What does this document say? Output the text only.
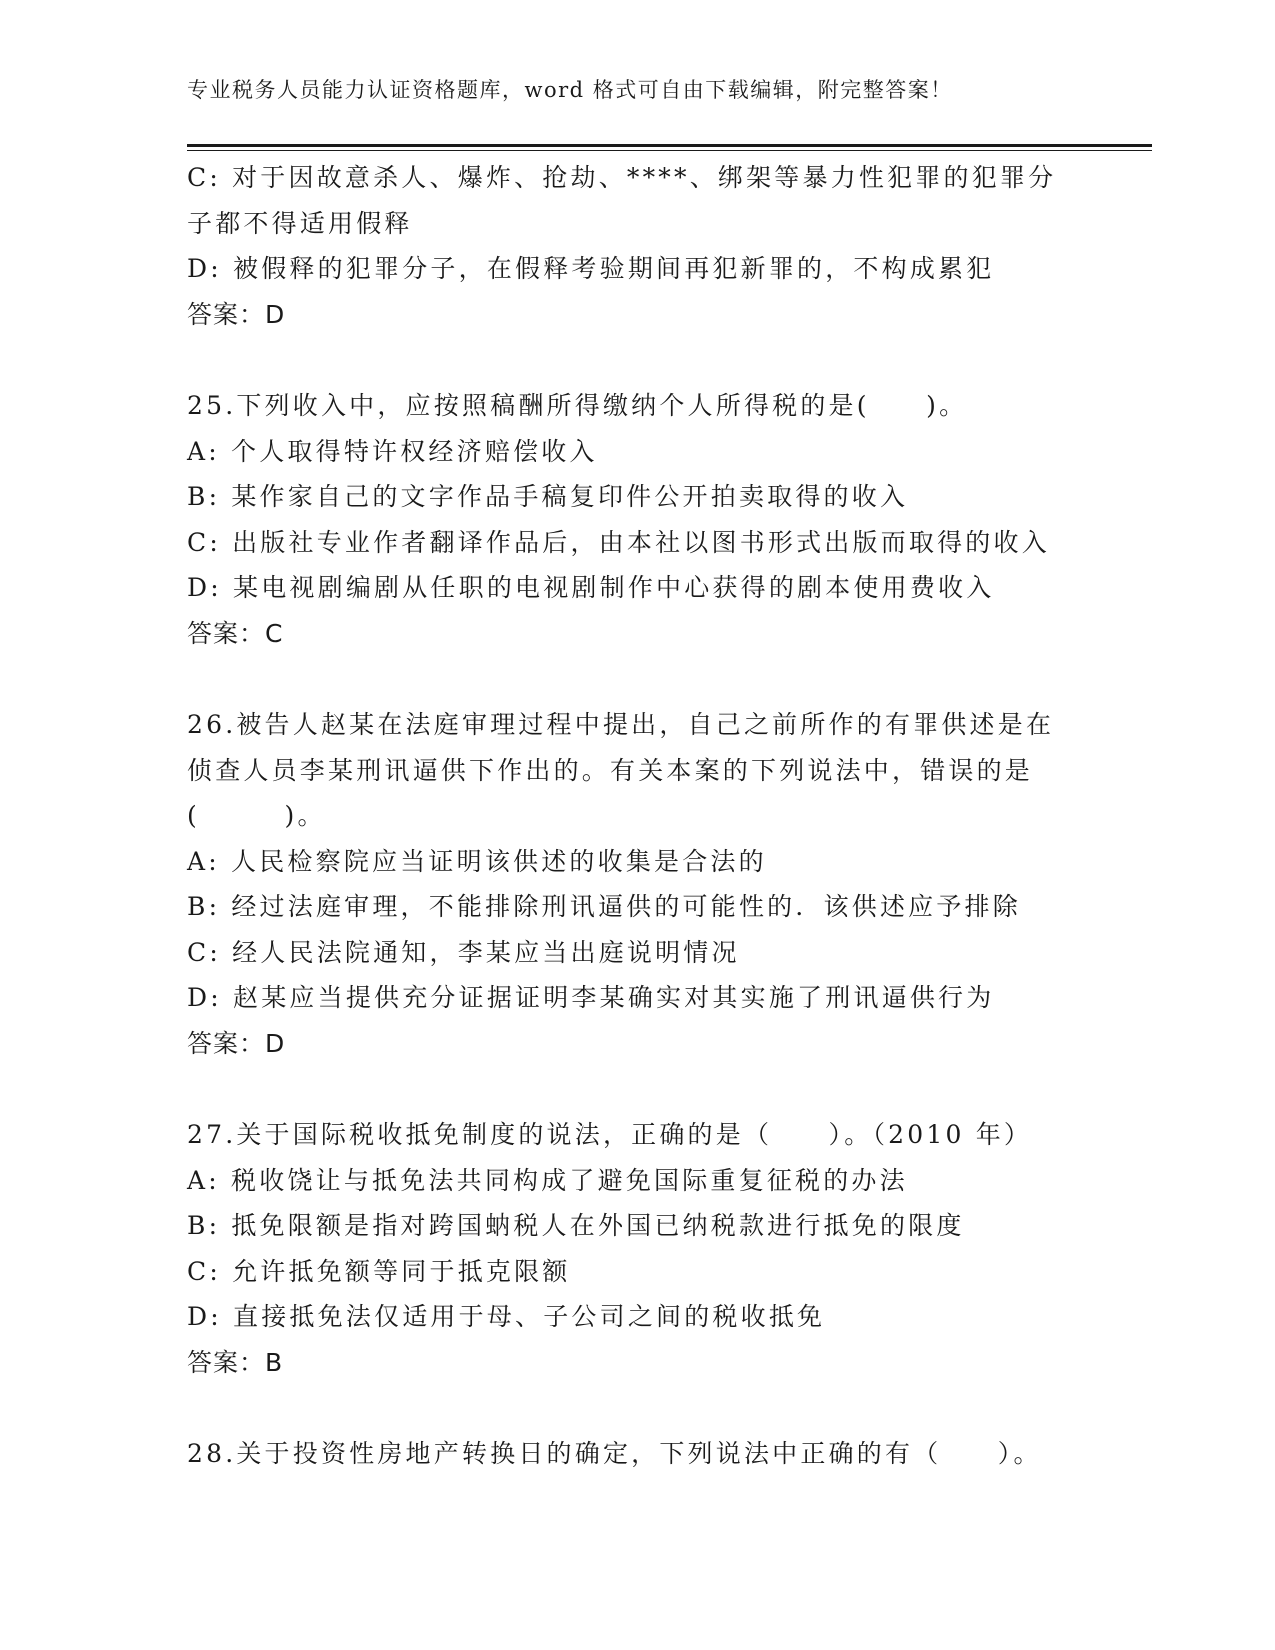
专业税务人员能力认证资格题库，word 格式可自由下载编辑，附完整答案！
C: 对于因故意杀人、爆炸、抢劫、****、绑架等暴力性犯罪的犯罪分
子都不得适用假释
D: 被假释的犯罪分子，在假释考验期间再犯新罪的，不构成累犯
答案：D
25.下列收入中，应按照稿酬所得缴纳个人所得税的是(　　)。
A: 个人取得特许权经济赔偿收入
B: 某作家自己的文字作品手稿复印件公开拍卖取得的收入
C: 出版社专业作者翻译作品后，由本社以图书形式出版而取得的收入
D: 某电视剧编剧从任职的电视剧制作中心获得的剧本使用费收入
答案：C
26.被告人赵某在法庭审理过程中提出，自己之前所作的有罪供述是在
侦查人员李某刑讯逼供下作出的。有关本案的下列说法中，错误的是
(　　　)。
A: 人民检察院应当证明该供述的收集是合法的
B: 经过法庭审理，不能排除刑讯逼供的可能性的．该供述应予排除
C: 经人民法院通知，李某应当出庭说明情况
D: 赵某应当提供充分证据证明李某确实对其实施了刑讯逼供行为
答案：D
27.关于国际税收抵免制度的说法，正确的是（　　）。（2010 年）
A: 税收饶让与抵免法共同构成了避免国际重复征税的办法
B: 抵免限额是指对跨国蚋税人在外国已纳税款进行抵免的限度
C: 允许抵免额等同于抵克限额
D: 直接抵免法仅适用于母、子公司之间的税收抵免
答案：B
28.关于投资性房地产转换日的确定，下列说法中正确的有（　　）。
